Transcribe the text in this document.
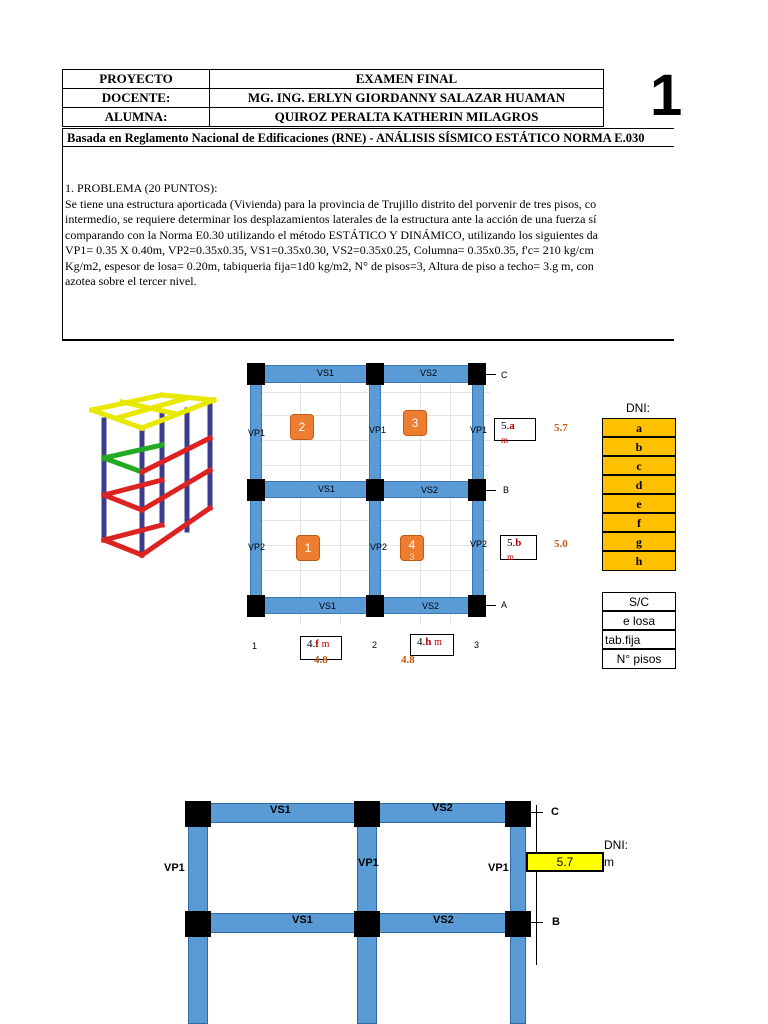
PROYECTO	EXAMEN FINAL
DOCENTE:	MG. ING. ERLYN GIORDANNY SALAZAR HUAMAN
ALUMNA:	QUIROZ PERALTA KATHERIN MILAGROS 1
Basada en Reglamento Nacional de Edificaciones (RNE) - ANÁLISIS SÍSMICO ESTÁTICO NORMA E.030
1. PROBLEMA (20 PUNTOS):
Se tiene una estructura aporticada (Vivienda) para la provincia de Trujillo distrito del porvenir de tres pisos, co
intermedio, se requiere determinar los desplazamientos laterales de la estructura ante la acción de una fuerza sí
comparando con la Norma E0.30 utilizando el método ESTÁTICO Y DINÁMICO, utilizando los siguientes da
VP1= 0.35 X 0.40m, VP2=0.35x0.35, VS1=0.35x0.30, VS2=0.35x0.25, Columna= 0.35x0.35, f'c= 210 kg/cm
Kg/m2, espesor de losa= 0.20m, tabiqueria fija=1d0 kg/m2, N° de pisos=3, Altura de piso a techo= 3.g m, con
azotea sobre el tercer nivel.
VS1	VS2
VS1	VS2
VS1	VS2
VP1	VP1	VP1
VP2	VP2	VP2
2	3
1	4

3
C
B
A
1	2	3
5.a
m
5.7
5.b
m
5.0
4.f m
4.8
4.h m
4.8
DNI:
a
b
c
d
e
f
g
h
S/C
e losa
tab.fija
N° pisos
VS1	VS2
VS1	VS2
VP1	VP1	VP1
C
B
5.7
DNI:
m
